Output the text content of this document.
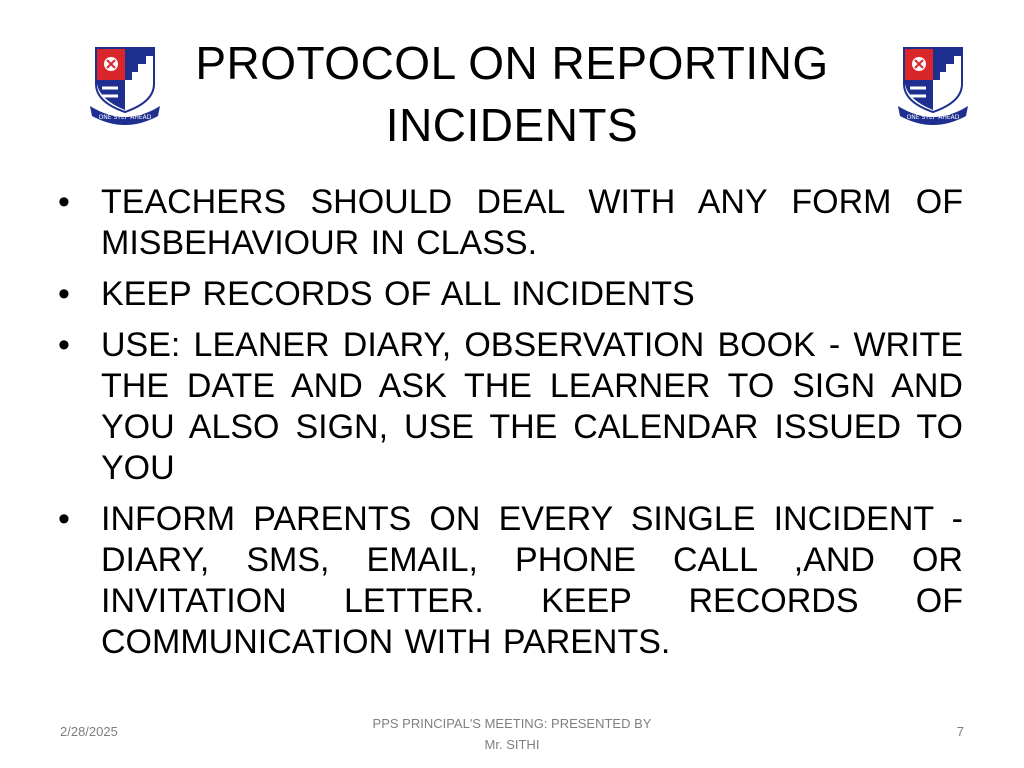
ONE STEP AHEAD	ONE STEP AHEAD
PROTOCOL ON REPORTING
INCIDENTS
• TEACHERS SHOULD DEAL WITH ANY FORM OF MISBEHAVIOUR IN CLASS.
• KEEP RECORDS OF ALL INCIDENTS
• USE: LEANER DIARY, OBSERVATION BOOK - WRITE THE DATE AND ASK THE LEARNER TO SIGN AND YOU ALSO SIGN, USE THE CALENDAR ISSUED TO YOU
• INFORM PARENTS ON EVERY SINGLE INCIDENT - DIARY, SMS, EMAIL, PHONE CALL ,AND OR INVITATION LETTER. KEEP RECORDS OF COMMUNICATION WITH PARENTS.
2/28/2025
PPS PRINCIPAL'S MEETING: PRESENTED BY
Mr. SITHI
7
